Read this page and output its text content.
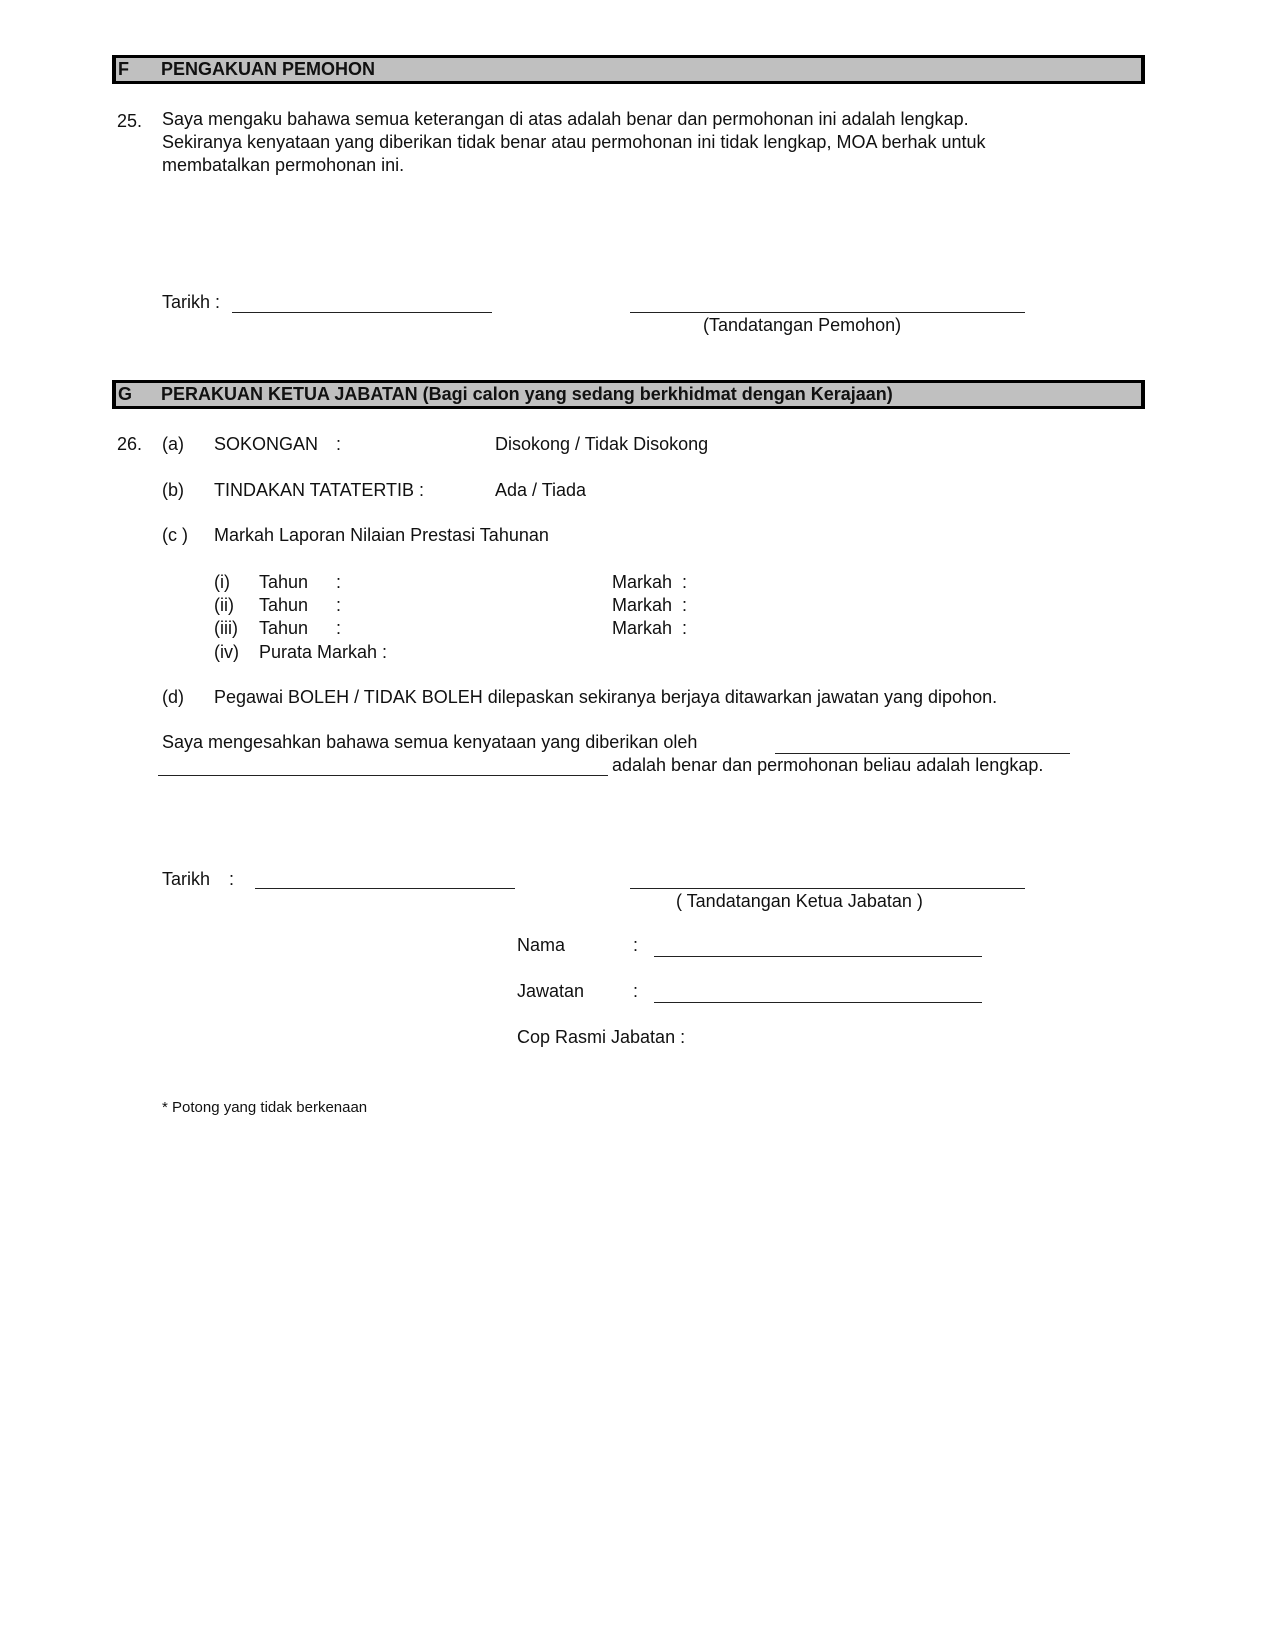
F PENGAKUAN PEMOHON
25. Saya mengaku bahawa semua keterangan di atas adalah benar dan permohonan ini adalah lengkap.
Sekiranya kenyataan yang diberikan tidak benar atau permohonan ini tidak lengkap, MOA berhak untuk
membatalkan permohonan ini.
Tarikh :
(Tandatangan Pemohon)
G PERAKUAN KETUA JABATAN (Bagi calon yang sedang berkhidmat dengan Kerajaan)
26. (a) SOKONGAN :	Disokong / Tidak Disokong
(b) TINDAKAN TATATERTIB :	Ada / Tiada
(c ) Markah Laporan Nilaian Prestasi Tahunan
(i) Tahun :	Markah  :
(ii) Tahun :	Markah  :
(iii) Tahun :	Markah  :
(iv) Purata Markah :
(d) Pegawai BOLEH / TIDAK BOLEH dilepaskan sekiranya berjaya ditawarkan jawatan yang dipohon.
Saya mengesahkan bahawa semua kenyataan yang diberikan oleh
adalah benar dan permohonan beliau adalah lengkap.
Tarikh :
( Tandatangan Ketua Jabatan )
Nama	:
Jawatan	:
Cop Rasmi Jabatan :
* Potong yang tidak berkenaan
